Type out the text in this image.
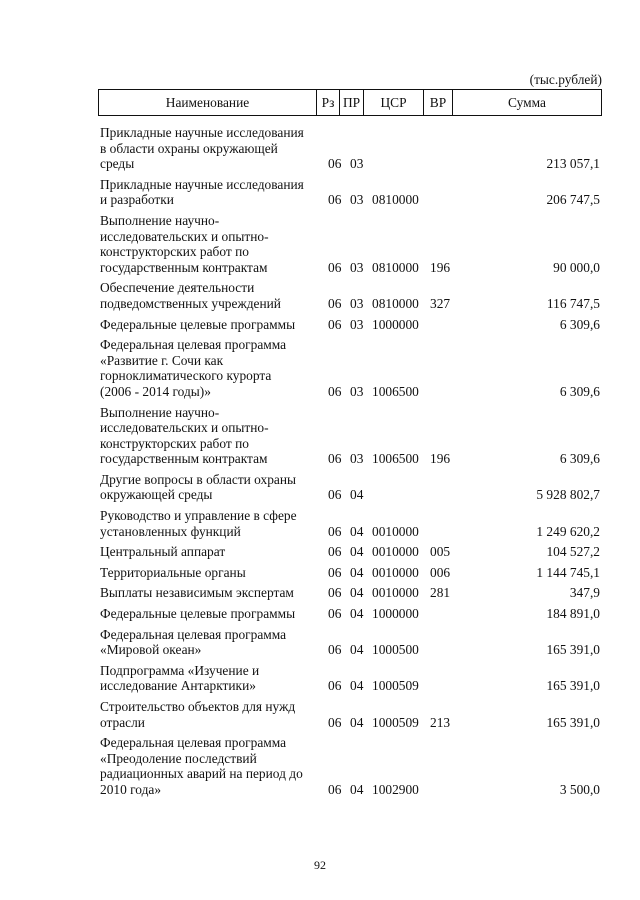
(тыс.рублей)
Наименование	Рз ПР	ЦСР	ВР	Сумма
Прикладные научные исследования
в области охраны окружающей
среды	06 03	213 057,1
Прикладные научные исследования
и разработки	06 03 0810000	206 747,5
Выполнение научно-
исследовательских и опытно-
конструкторских работ по
государственным контрактам	06 03 0810000 196	90 000,0
Обеспечение деятельности
подведомственных учреждений	06 03 0810000 327	116 747,5
Федеральные целевые программы	06 03 1000000	6 309,6
Федеральная целевая программа
«Развитие г. Сочи как
горноклиматического курорта
(2006 - 2014 годы)»	06 03 1006500	6 309,6
Выполнение научно-
исследовательских и опытно-
конструкторских работ по
государственным контрактам	06 03 1006500 196	6 309,6
Другие вопросы в области охраны
окружающей среды	06 04	5 928 802,7
Руководство и управление в сфере
установленных функций	06 04 0010000	1 249 620,2
Центральный аппарат	06 04 0010000 005	104 527,2
Территориальные органы	06 04 0010000 006	1 144 745,1
Выплаты независимым экспертам	06 04 0010000 281	347,9
Федеральные целевые программы	06 04 1000000	184 891,0
Федеральная целевая программа
«Мировой океан»	06 04 1000500	165 391,0
Подпрограмма «Изучение и
исследование Антарктики»	06 04 1000509	165 391,0
Строительство объектов для нужд
отрасли	06 04 1000509 213	165 391,0
Федеральная целевая программа
«Преодоление последствий
радиационных аварий на период до
2010 года»	06 04 1002900	3 500,0
92
